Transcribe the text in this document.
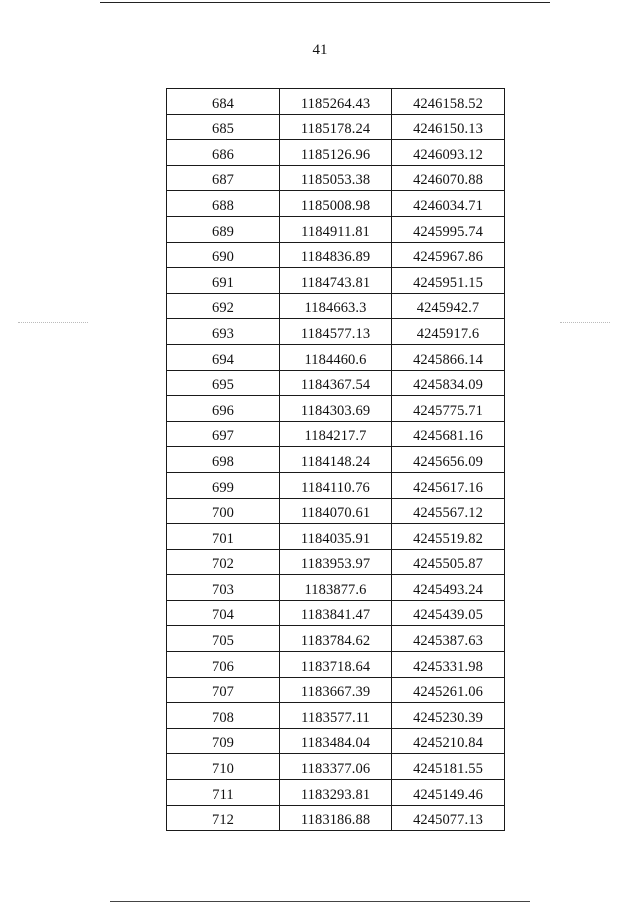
41
684	1185264.43	4246158.52
685	1185178.24	4246150.13
686	1185126.96	4246093.12
687	1185053.38	4246070.88
688	1185008.98	4246034.71
689	1184911.81	4245995.74
690	1184836.89	4245967.86
691	1184743.81	4245951.15
692	1184663.3	4245942.7
693	1184577.13	4245917.6
694	1184460.6	4245866.14
695	1184367.54	4245834.09
696	1184303.69	4245775.71
697	1184217.7	4245681.16
698	1184148.24	4245656.09
699	1184110.76	4245617.16
700	1184070.61	4245567.12
701	1184035.91	4245519.82
702	1183953.97	4245505.87
703	1183877.6	4245493.24
704	1183841.47	4245439.05
705	1183784.62	4245387.63
706	1183718.64	4245331.98
707	1183667.39	4245261.06
708	1183577.11	4245230.39
709	1183484.04	4245210.84
710	1183377.06	4245181.55
711	1183293.81	4245149.46
712	1183186.88	4245077.13
